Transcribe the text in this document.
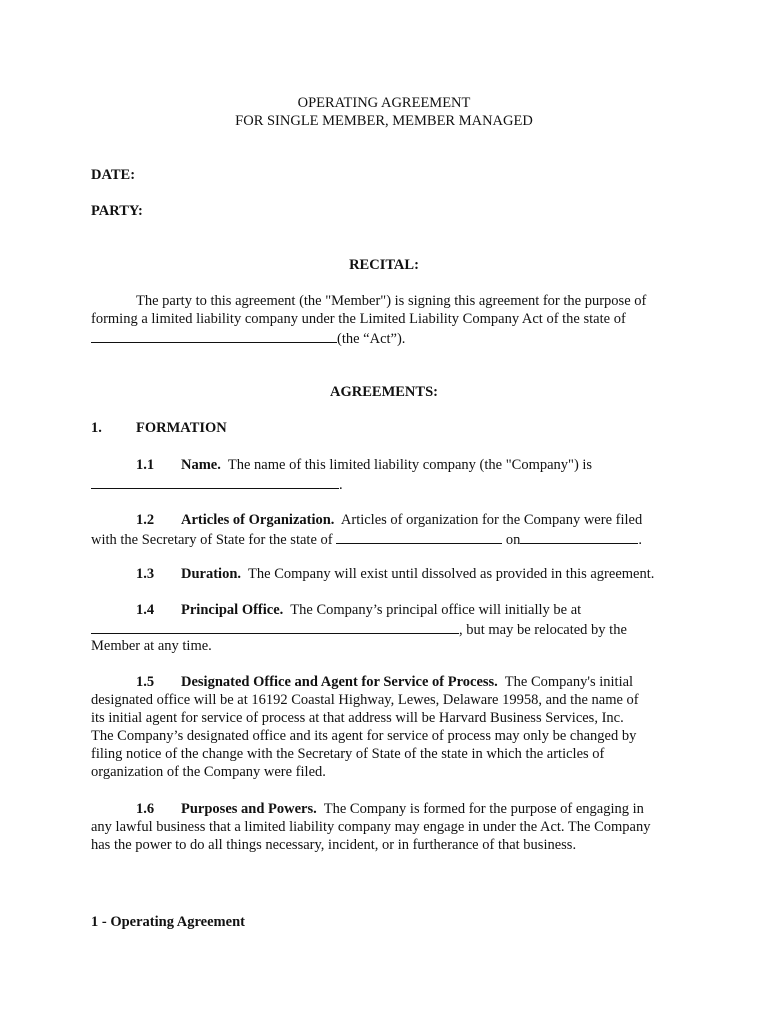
OPERATING AGREEMENT
FOR SINGLE MEMBER, MEMBER MANAGED
DATE:
PARTY:
RECITAL:
The party to this agreement (the "Member") is signing this agreement for the purpose of
forming a limited liability company under the Limited Liability Company Act of the state of
(the “Act”).
AGREEMENTS:
1. FORMATION
1.1 Name. The name of this limited liability company (the "Company") is
.
1.2 Articles of Organization. Articles of organization for the Company were filed
with the Secretary of State for the state of	on	.
1.3 Duration. The Company will exist until dissolved as provided in this agreement.
1.4 Principal Office. The Company’s principal office will initially be at
, but may be relocated by the
Member at any time.
1.5 Designated Office and Agent for Service of Process. The Company's initial
designated office will be at 16192 Coastal Highway, Lewes, Delaware 19958, and the name of
its initial agent for service of process at that address will be Harvard Business Services, Inc.
The Company’s designated office and its agent for service of process may only be changed by
filing notice of the change with the Secretary of State of the state in which the articles of
organization of the Company were filed.
1.6 Purposes and Powers. The Company is formed for the purpose of engaging in
any lawful business that a limited liability company may engage in under the Act. The Company
has the power to do all things necessary, incident, or in furtherance of that business.
1 - Operating Agreement
